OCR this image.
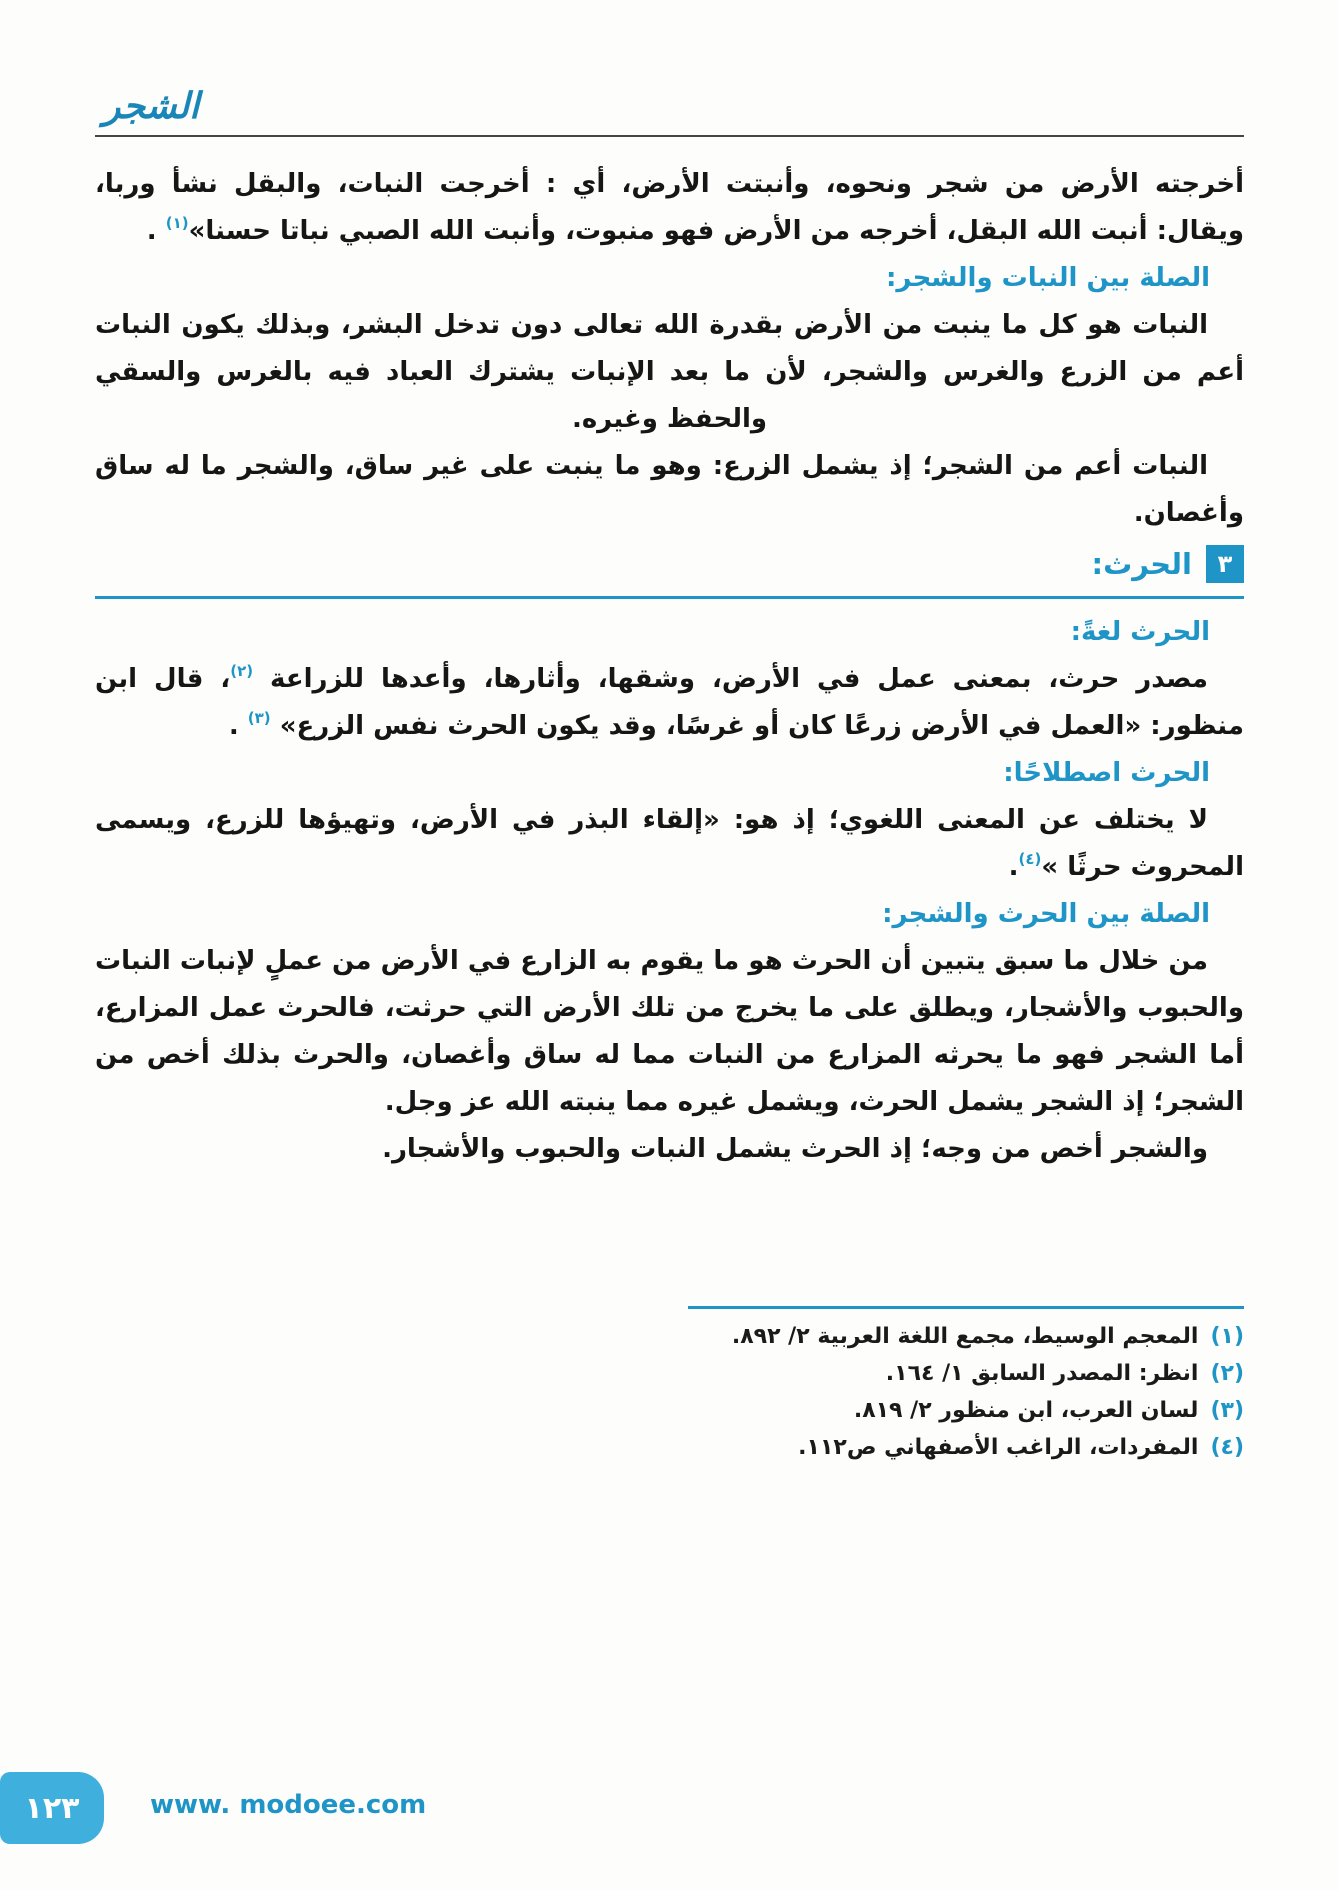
الشجر

أخرجته الأرض من شجر ونحوه، وأنبتت الأرض، أي : أخرجت النبات، والبقل نشأ وربا، ويقال: أنبت الله البقل، أخرجه من الأرض فهو منبوت، وأنبت الله الصبي نباتا حسنا»$^{(١)}$ .

الصلة بين النبات والشجر:

النبات هو كل ما ينبت من الأرض بقدرة الله تعالى دون تدخل البشر، وبذلك يكون النبات أعم من الزرع والغرس والشجر، لأن ما بعد الإنبات يشترك العباد فيه بالغرس والسقي والحفظ وغيره.

النبات أعم من الشجر؛ إذ يشمل الزرع: وهو ما ينبت على غير ساق، والشجر ما له ساق وأغصان.

٣
الحرث:
الحرث لغةً:

مصدر حرث، بمعنى عمل في الأرض، وشقها، وأثارها، وأعدها للزراعة $^{(٢)}$، قال ابن منظور: «العمل في الأرض زرعًا كان أو غرسًا، وقد يكون الحرث نفس الزرع» $^{(٣)}$ .

الحرث اصطلاحًا:

لا يختلف عن المعنى اللغوي؛ إذ هو: «إلقاء البذر في الأرض، وتهيؤها للزرع، ويسمى المحروث حرثًا »$^{(٤)}$.

الصلة بين الحرث والشجر:

من خلال ما سبق يتبين أن الحرث هو ما يقوم به الزارع في الأرض من عملٍ لإنبات النبات والحبوب والأشجار، ويطلق على ما يخرج من تلك الأرض التي حرثت، فالحرث عمل المزارع، أما الشجر فهو ما يحرثه المزارع من النبات مما له ساق وأغصان، والحرث بذلك أخص من الشجر؛ إذ الشجر يشمل الحرث، ويشمل غيره مما ينبته الله عز وجل.

والشجر أخص من وجه؛ إذ الحرث يشمل النبات والحبوب والأشجار.

(١)المعجم الوسيط، مجمع اللغة العربية ٢/ ٨٩٢.
(٢)انظر: المصدر السابق ١/ ١٦٤.
(٣)لسان العرب، ابن منظور ٢/ ٨١٩.
(٤)المفردات، الراغب الأصفهاني ص١١٢.
١٢٣	www. modoee.com
